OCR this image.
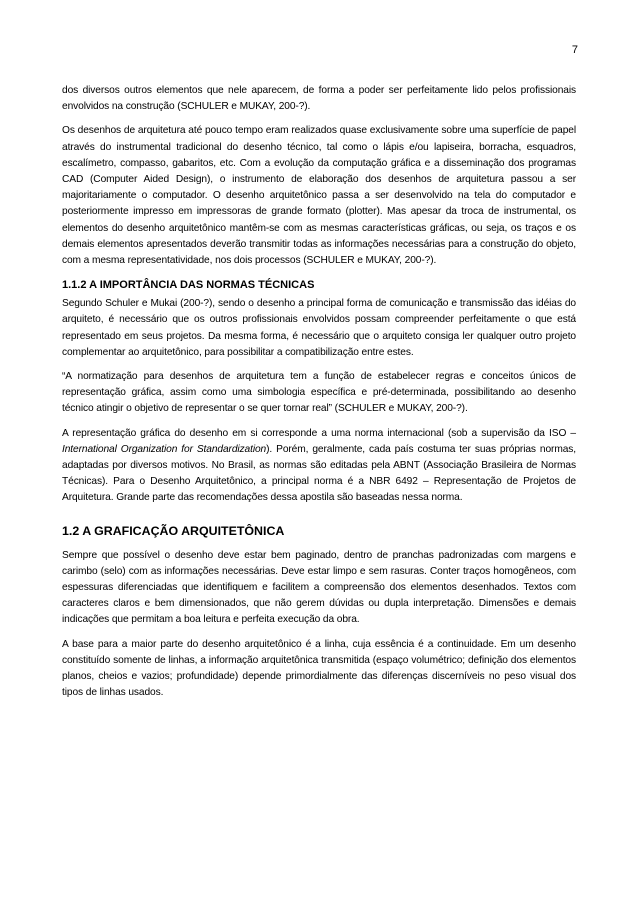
7

dos diversos outros elementos que nele aparecem, de forma a poder ser perfeitamente lido pelos profissionais envolvidos na construção (SCHULER e MUKAY, 200-?).

Os desenhos de arquitetura até pouco tempo eram realizados quase exclusivamente sobre uma superfície de papel através do instrumental tradicional do desenho técnico, tal como o lápis e/ou lapiseira, borracha, esquadros, escalímetro, compasso, gabaritos, etc. Com a evolução da computação gráfica e a disseminação dos programas CAD (Computer Aided Design), o instrumento de elaboração dos desenhos de arquitetura passou a ser majoritariamente o computador. O desenho arquitetônico passa a ser desenvolvido na tela do computador e posteriormente impresso em impressoras de grande formato (plotter). Mas apesar da troca de instrumental, os elementos do desenho arquitetônico mantêm-se com as mesmas características gráficas, ou seja, os traços e os demais elementos apresentados deverão transmitir todas as informações necessárias para a construção do objeto, com a mesma representatividade, nos dois processos (SCHULER e MUKAY, 200-?).

1.1.2 A IMPORTÂNCIA DAS NORMAS TÉCNICAS

Segundo Schuler e Mukai (200-?), sendo o desenho a principal forma de comunicação e transmissão das idéias do arquiteto, é necessário que os outros profissionais envolvidos possam compreender perfeitamente o que está representado em seus projetos. Da mesma forma, é necessário que o arquiteto consiga ler qualquer outro projeto complementar ao arquitetônico, para possibilitar a compatibilização entre estes.

“A normatização para desenhos de arquitetura tem a função de estabelecer regras e conceitos únicos de representação gráfica, assim como uma simbologia específica e pré-determinada, possibilitando ao desenho técnico atingir o objetivo de representar o se quer tornar real” (SCHULER e MUKAY, 200-?).

A representação gráfica do desenho em si corresponde a uma norma internacional (sob a supervisão da ISO – International Organization for Standardization). Porém, geralmente, cada país costuma ter suas próprias normas, adaptadas por diversos motivos. No Brasil, as normas são editadas pela ABNT (Associação Brasileira de Normas Técnicas). Para o Desenho Arquitetônico, a principal norma é a NBR 6492 – Representação de Projetos de Arquitetura. Grande parte das recomendações dessa apostila são baseadas nessa norma.

1.2 A GRAFICAÇÃO ARQUITETÔNICA

Sempre que possível o desenho deve estar bem paginado, dentro de pranchas padronizadas com margens e carimbo (selo) com as informações necessárias. Deve estar limpo e sem rasuras. Conter traços homogêneos, com espessuras diferenciadas que identifiquem e facilitem a compreensão dos elementos desenhados. Textos com caracteres claros e bem dimensionados, que não gerem dúvidas ou dupla interpretação. Dimensões e demais indicações que permitam a boa leitura e perfeita execução da obra.

A base para a maior parte do desenho arquitetônico é a linha, cuja essência é a continuidade. Em um desenho constituído somente de linhas, a informação arquitetônica transmitida (espaço volumétrico; definição dos elementos planos, cheios e vazios; profundidade) depende primordialmente das diferenças discerníveis no peso visual dos tipos de linhas usados.
